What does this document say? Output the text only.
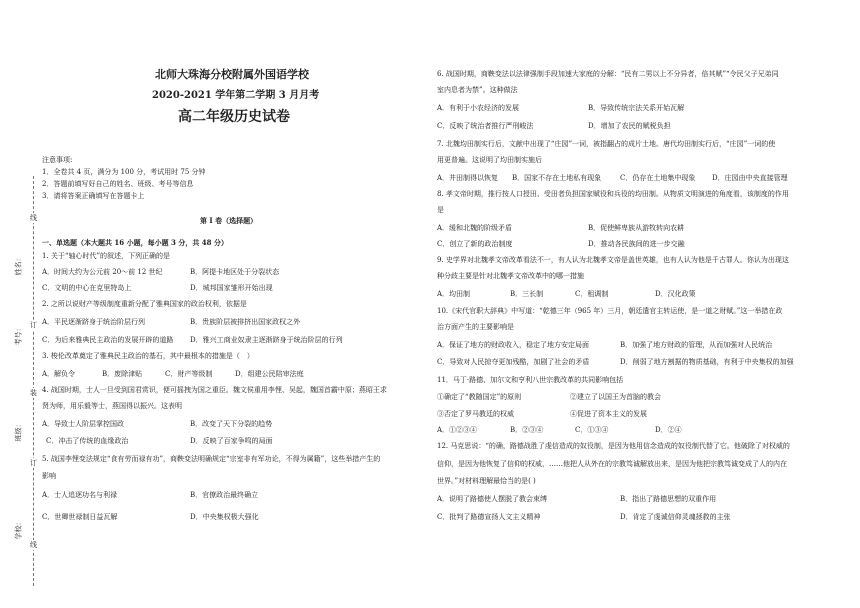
线
订
装
订
线
姓名：
考号：
班级：
学校：
北师大珠海分校附属外国语学校
2020-2021 学年第二学期 3 月月考
高二年级历史试卷
注意事项:
1．全卷共 4 页，满分为 100 分，考试用时 75 分钟
2．答题前填写好自己的姓名、班级、考号等信息
3．请将答案正确填写在答题卡上
第 I 卷（选择题）
一、单选题（本大题共 16 小题，每小题 3 分，共 48 分）
1. 关于“轴心时代”的叙述，下列正确的是
A．时间大约为公元前 20～前 12 世纪	B．阿提卡地区处于分裂状态
C．文明的中心在克里特岛上	D．城邦国家雏形开始出现
2. 之所以说财产等级制度重新分配了雅典国家的政治权利，依据是
A．平民逐渐跻身于统治阶层行列	B．贵族阶层被排挤出国家政权之外
C．为后来雅典民主政治的发展开辟的道路 D．雅兴工商业奴隶主逐渐跻身于统治阶层的行列
3. 梭伦改革奠定了雅典民主政治的基石，其中最根本的措施是（　）
A．解负令	B．废除津贴	C．财产等级制	D．组建公民陪审法庭
4. 战国时期，士人一旦受到国君赏识，便可摇拽为国之重臣。魏文侯重用李悝、吴起，魏国首霸中原；燕昭王求
贤为师，用乐毅等士，燕国得以振兴。这表明
A．导致士人阶层掌控国政	B．改变了天下分裂的趋势
C．冲击了传统的血缘政治	D．反映了百家争鸣的局面
5. 战国李悝变法规定“食有劳而禄有功”，商鞅变法明确规定“宗室非有军功论，不得为属籍”，这些举措产生的
影响
A．士人追逐功名与利禄	B．官僚政治最终确立
C．世卿世禄制日益瓦解	D．中央集权极大强化
6. 战国时期，商鞅变法以法律强制手段加速大家庭的分解：“民有二男以上不分异者，倍其赋”“令民父子兄弟同
室内息者为禁”。这种做法
A．有利于小农经济的发展	B．导致传统宗法关系开始瓦解
C．反映了统治者推行严刑峻法	D．增加了农民的赋税负担
7. 北魏均田制实行后，文献中出现了“庄园”一词，被指翻占的成片土地。唐代均田制实行后，“庄园”一词的使
用更普遍。这说明了均田制实施后
A．井田制得以恢复 B．国家不存在土地私有现象	C．仍存在土地集中现象 D．庄园由中央直接管理
8. 孝文帝时期，推行按人口授田、受田者负担国家赋役和兵役的均田制。从物质文明演进的角度看，该制度的作用
是
A．缓和北魏的阶级矛盾	B．促使鲜卑族从游牧转向农耕
C．创立了新的政治制度	D．推动各民族间的进一步交融
9. 史学界对北魏孝文帝改革看法不一，有人认为北魏孝文帝是盖世英雄，也有人认为他是千古罪人。你认为出现这
种分歧主要是针对北魏孝文帝改革中的哪一措施
A．均田制	B．三长制	C．租调制	D．汉化政策
10.《宋代官职大辞典》中写道：“乾德三年（965 年）三月，朝廷遣官主转运使，是一道之财赋。”这一举措在政
治方面产生的主要影响是
A．保证了地方的财政收入，稳定了地方安定局面	B．加强了地方财政的管理，从而加强对人民统治
C．导致对人民掠夺更加残酷，加剧了社会的矛盾	D．削弱了地方割据的物质基础，有利于中央集权的加强
11．马丁·路德、加尔文和亨利八世宗教改革的共同影响包括
①确定了“教随国定”的原则	②建立了以国王为首脑的教会
③否定了罗马教廷的权威	④促进了资本主义的发展
A．①②③④	B．②③④	C．①③④	D．②④
12. 马克思说：“的确，路德战胜了虔信造成的奴役制，是因为他用信念造成的奴役制代替了它。他破除了对权威的
信仰，是因为他恢复了信仰的权威，……他把人从外在的宗教笃诚解放出来，是因为他把宗教笃诚变成了人的内在
世界。”对材料理解最恰当的是( )
A．说明了路德使人摆脱了教会束缚	B．指出了路德思想的双重作用
C．批判了路德宣扬人文主义精神	D．肯定了虔诚信仰灵魂拯救的主张
